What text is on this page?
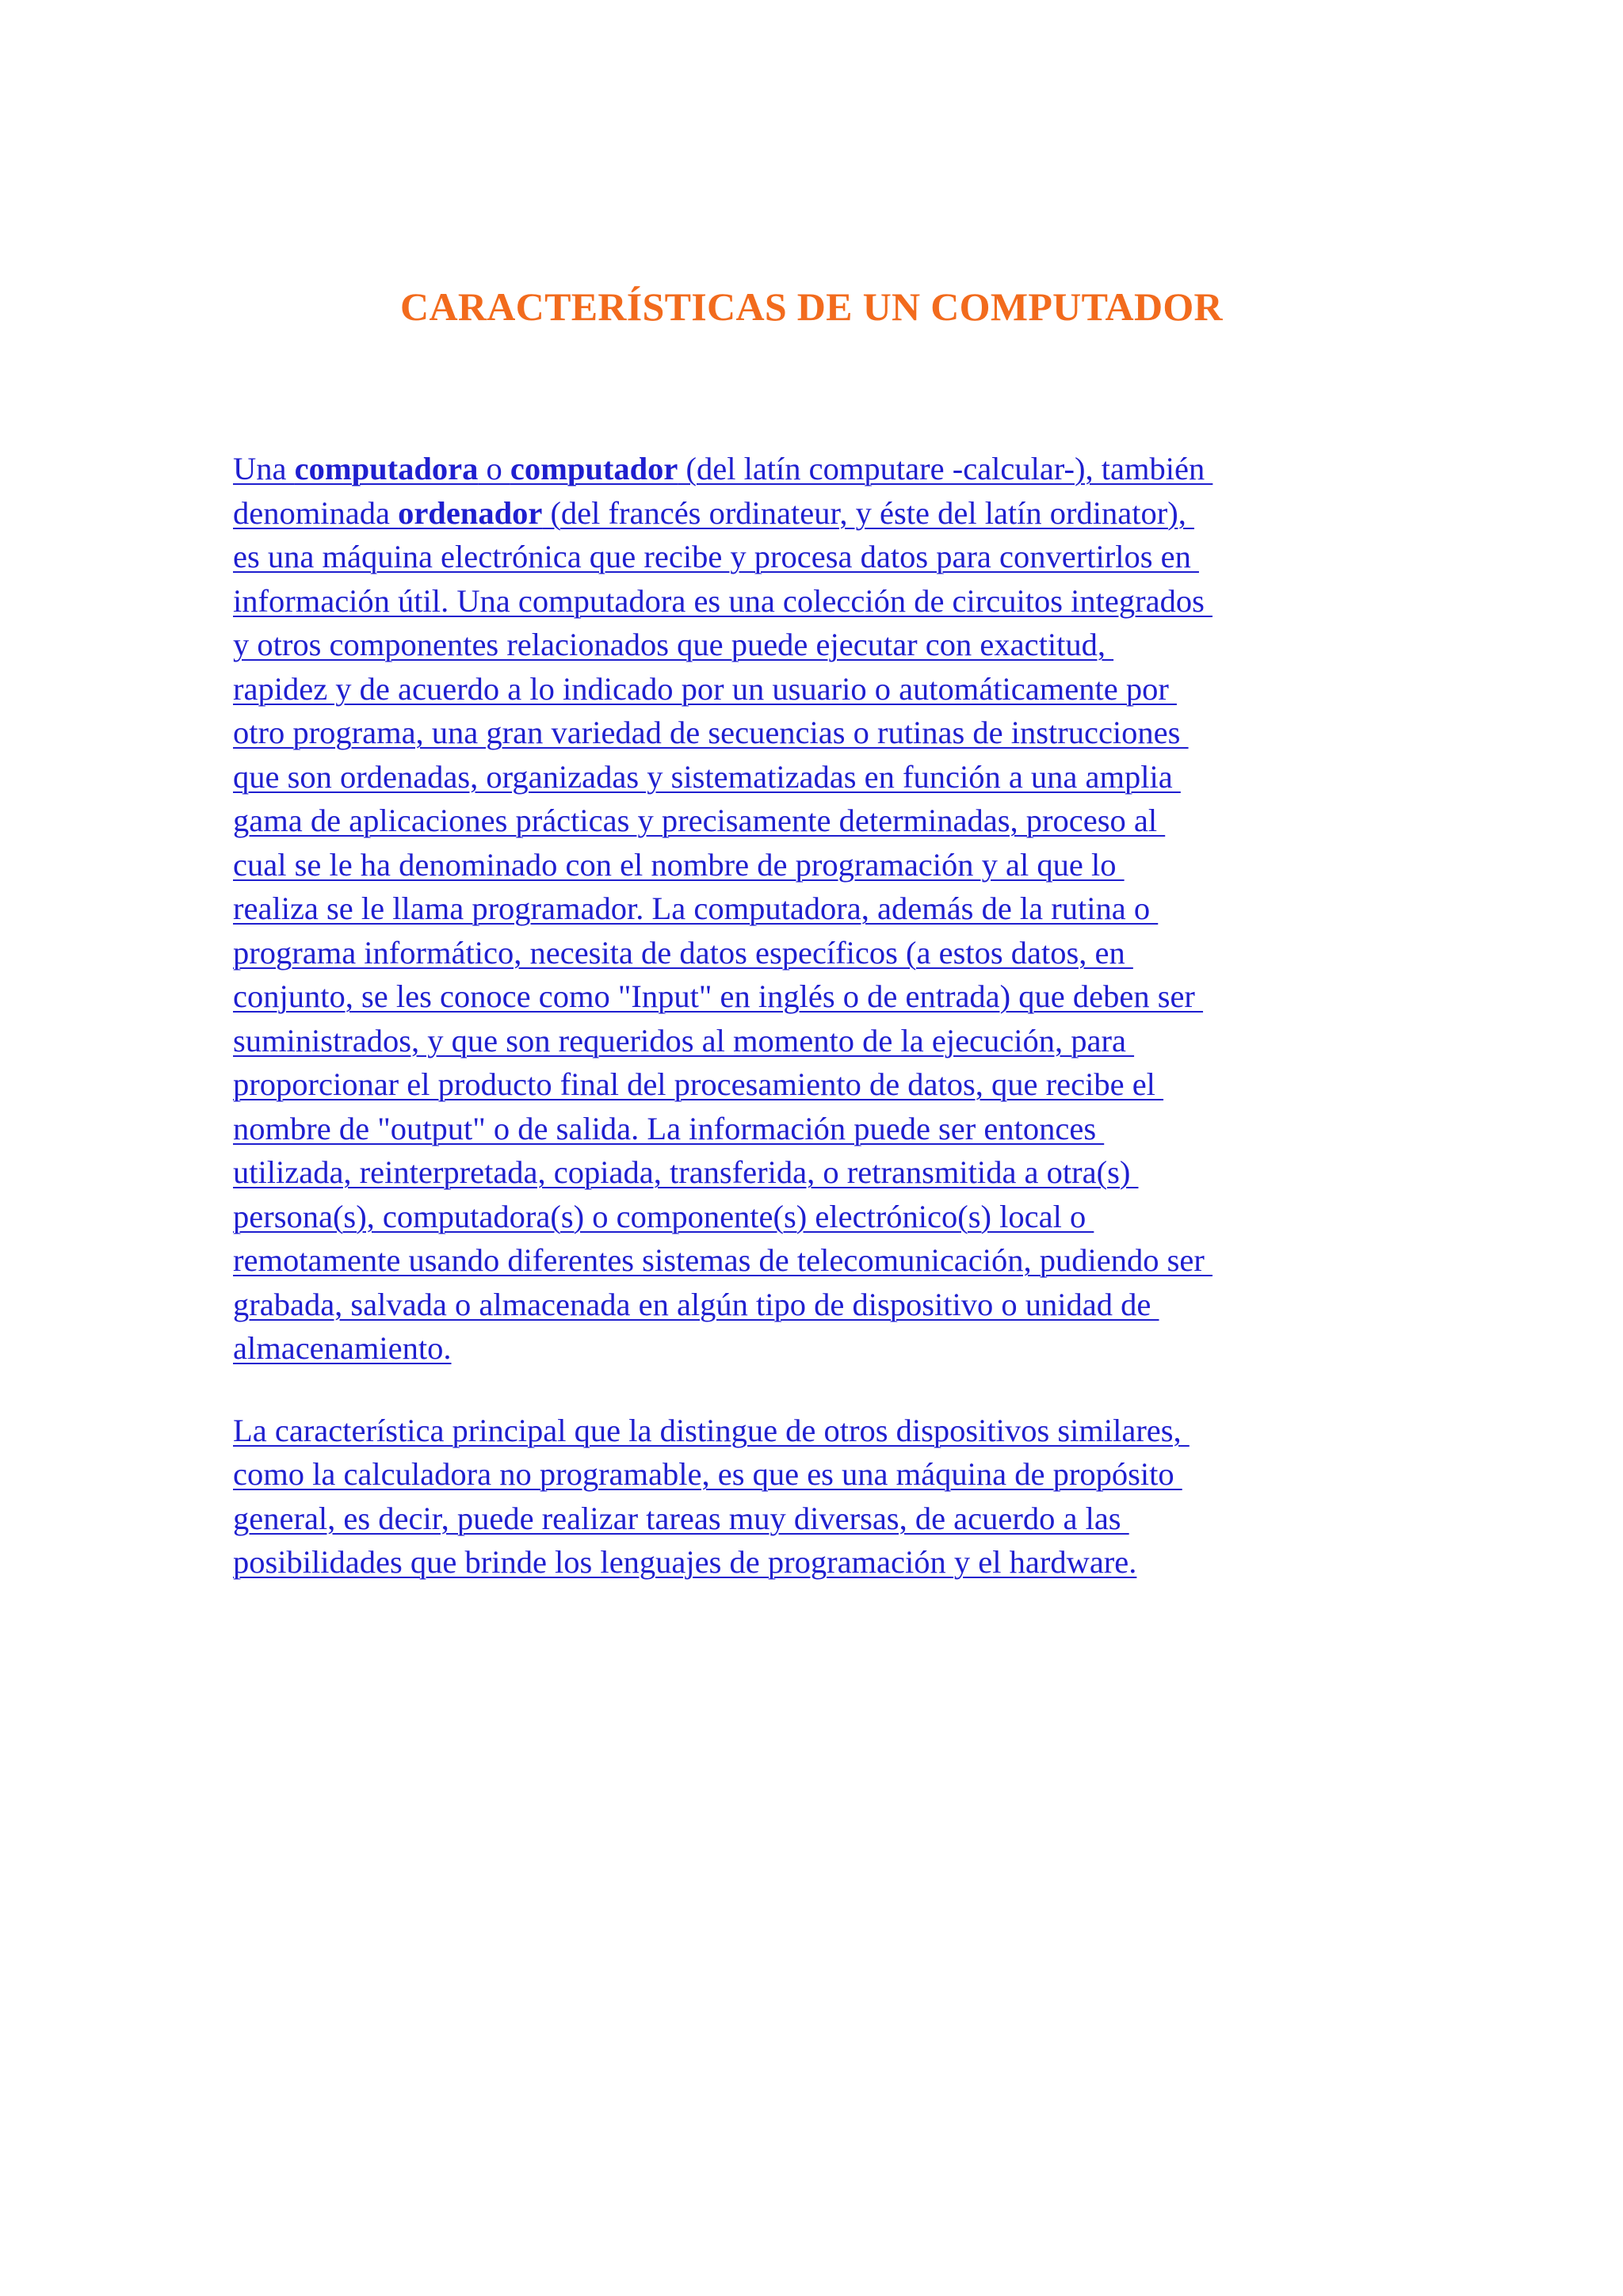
CARACTERÍSTICAS DE UN COMPUTADOR
Una computadora o computador (del latín computare -calcular-), también
denominada ordenador (del francés ordinateur, y éste del latín ordinator),
es una máquina electrónica que recibe y procesa datos para convertirlos en
información útil. Una computadora es una colección de circuitos integrados
y otros componentes relacionados que puede ejecutar con exactitud,
rapidez y de acuerdo a lo indicado por un usuario o automáticamente por
otro programa, una gran variedad de secuencias o rutinas de instrucciones
que son ordenadas, organizadas y sistematizadas en función a una amplia
gama de aplicaciones prácticas y precisamente determinadas, proceso al
cual se le ha denominado con el nombre de programación y al que lo
realiza se le llama programador. La computadora, además de la rutina o
programa informático, necesita de datos específicos (a estos datos, en
conjunto, se les conoce como "Input" en inglés o de entrada) que deben ser
suministrados, y que son requeridos al momento de la ejecución, para
proporcionar el producto final del procesamiento de datos, que recibe el
nombre de "output" o de salida. La información puede ser entonces
utilizada, reinterpretada, copiada, transferida, o retransmitida a otra(s)
persona(s), computadora(s) o componente(s) electrónico(s) local o
remotamente usando diferentes sistemas de telecomunicación, pudiendo ser
grabada, salvada o almacenada en algún tipo de dispositivo o unidad de
almacenamiento.
La característica principal que la distingue de otros dispositivos similares,
como la calculadora no programable, es que es una máquina de propósito
general, es decir, puede realizar tareas muy diversas, de acuerdo a las
posibilidades que brinde los lenguajes de programación y el hardware.
